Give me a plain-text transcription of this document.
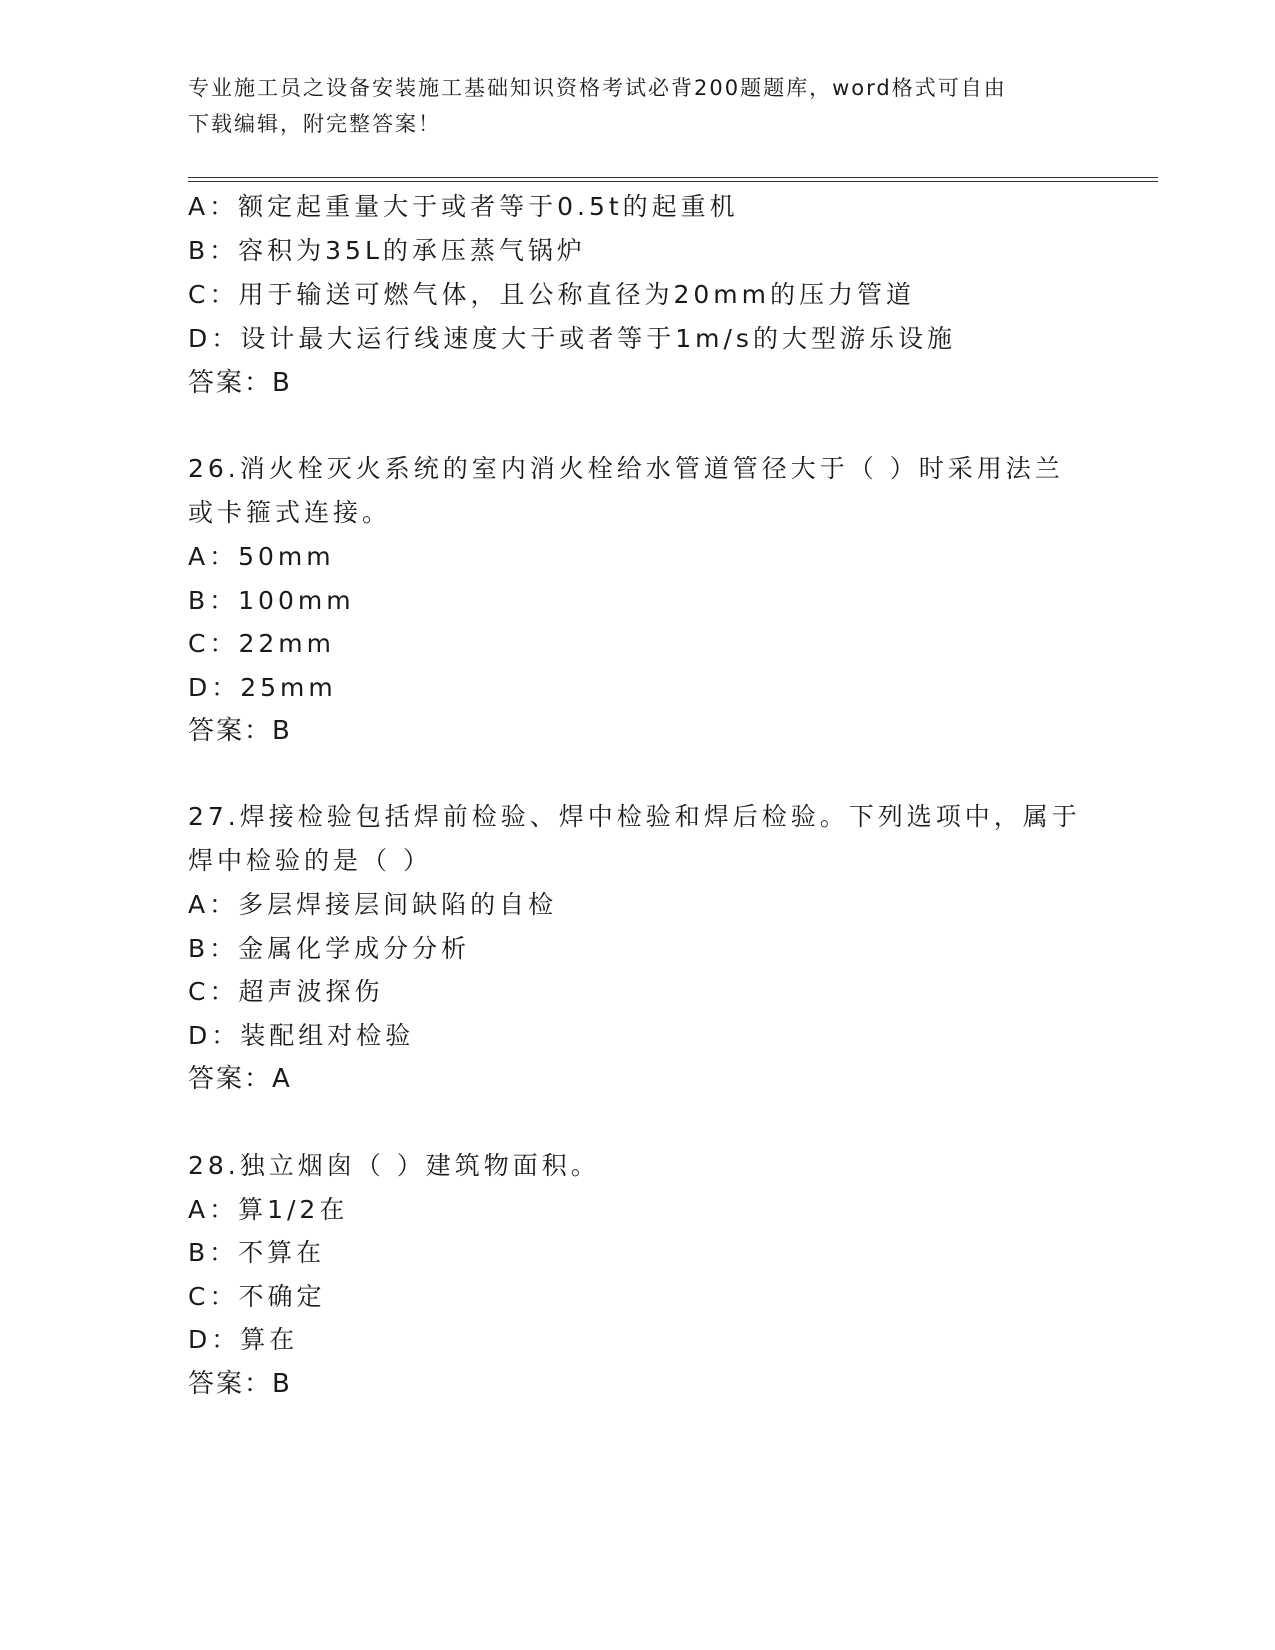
专业施工员之设备安装施工基础知识资格考试必背200题题库，word格式可自由
下载编辑，附完整答案！
A：额定起重量大于或者等于0.5t的起重机
B：容积为35L的承压蒸气锅炉
C：用于输送可燃气体，且公称直径为20mm的压力管道
D：设计最大运行线速度大于或者等于1m/s的大型游乐设施
答案：B
26.消火栓灭火系统的室内消火栓给水管道管径大于（ ）时采用法兰
或卡箍式连接。
A：50mm
B：100mm
C：22mm
D：25mm
答案：B
27.焊接检验包括焊前检验、焊中检验和焊后检验。下列选项中，属于
焊中检验的是（ ）
A：多层焊接层间缺陷的自检
B：金属化学成分分析
C：超声波探伤
D：装配组对检验
答案：A
28.独立烟囱（ ）建筑物面积。
A：算1/2在
B：不算在
C：不确定
D：算在
答案：B
